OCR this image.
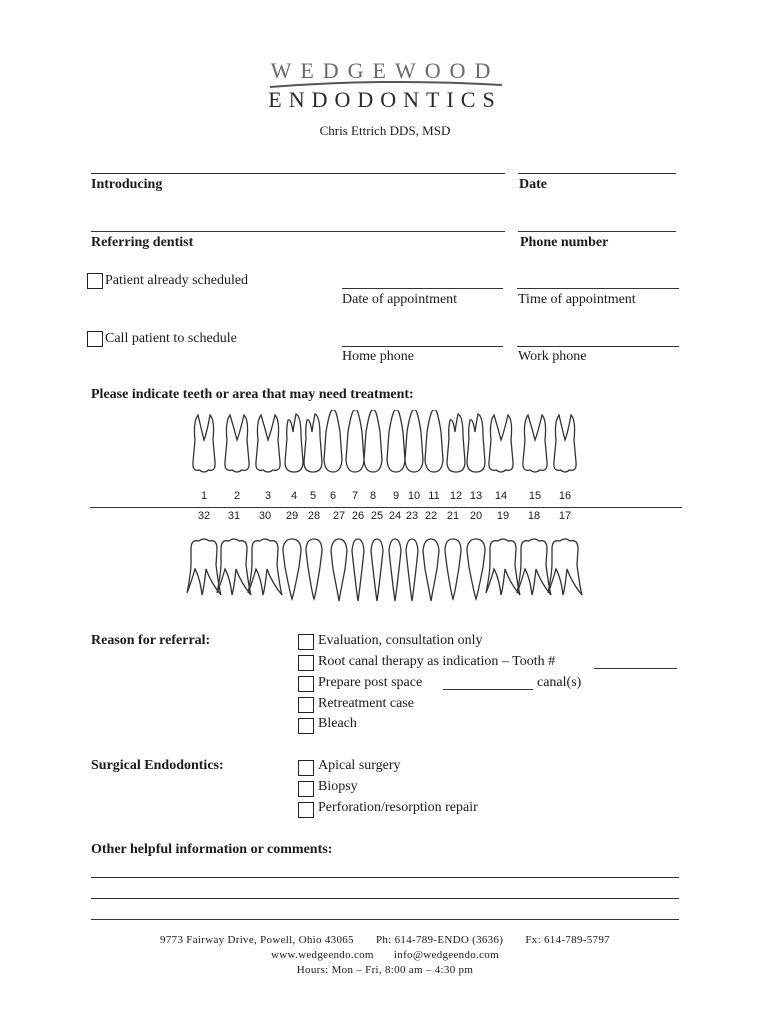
WEDGEWOOD
ENDODONTICS
Chris Ettrich DDS, MSD
Introducing	Date
Referring dentist	Phone number
Patient already scheduled
Date of appointment	Time of appointment
Call patient to schedule
Home phone	Work phone
Please indicate teeth or area that may need treatment:
1	2	3	4	5	6	7	8	9 10 11 12 13	14	15	16
32	31	30	29 28	27 26 25 24 23 22 21 20	19	18	17
Reason for referral:	Evaluation, consultation only
Root canal therapy as indication – Tooth #
Prepare post space	canal(s)
Retreatment case
Bleach
Surgical Endodontics:	Apical surgery
Biopsy
Perforation/resorption repair
Other helpful information or comments:
9773 Fairway Drive, Powell, Ohio 43065 Ph: 614-789-ENDO (3636) Fx: 614-789-5797
www.wedgeendo.com info@wedgeendo.com
Hours: Mon – Fri, 8:00 am – 4:30 pm
